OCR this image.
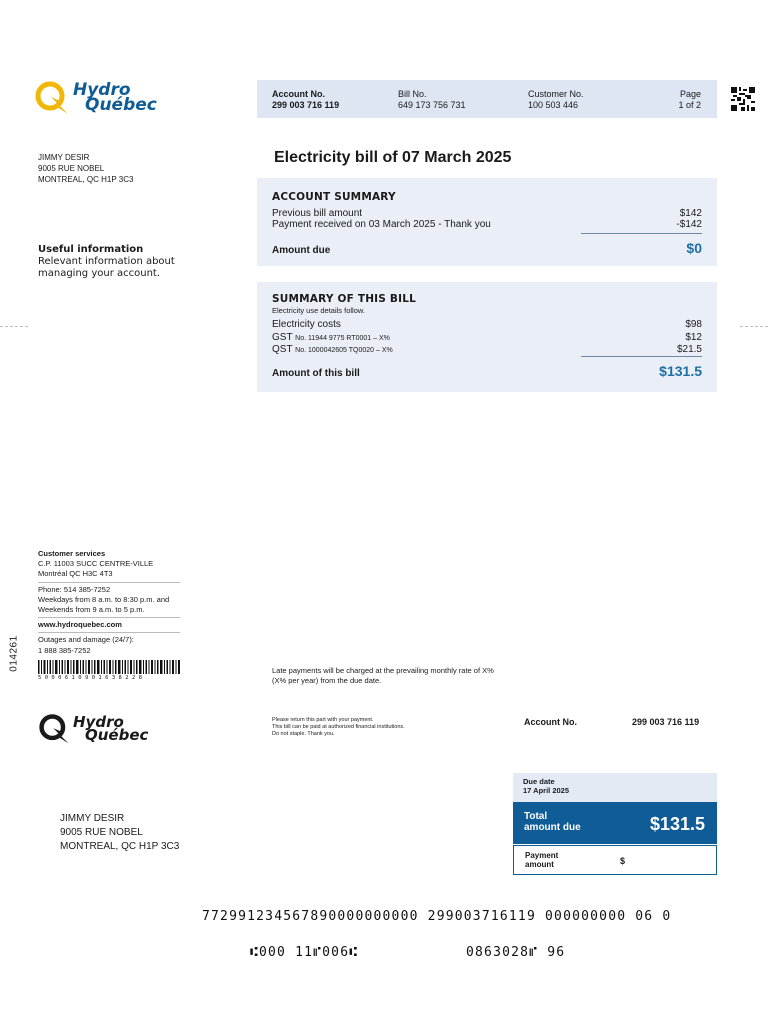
Hydro
Québec
Account No.
299 003 716 119
Bill No.
649 173 756 731
Customer No.
100 503 446
Page
1 of 2
JIMMY DESIR
9005 RUE NOBEL
MONTREAL, QC H1P 3C3
Electricity bill of 07 March 2025
ACCOUNT SUMMARY
Previous bill amount	$142
Payment received on 03 March 2025 - Thank you	-$142
Amount due	$0
Useful information
Relevant information about
managing your account.
SUMMARY OF THIS BILL
Electricity use details follow.
Electricity costs	$98
GST No. 11944 9775 RT0001 – X%	$12
QST No. 1000042605 TQ0020 – X%	$21.5
Amount of this bill	$131.5
Customer services
C.P. 11003 SUCC CENTRE-VILLE
Montréal QC H3C 4T3
Phone: 514 385-7252
Weekdays from 8 a.m. to 8:30 p.m. and
Weekends from 9 a.m. to 5 p.m.
www.hydroquebec.com
Outages and damage (24/7):
1 888 385-7252
014261
5000610901638228
Late payments will be charged at the prevailing monthly rate of X%
(X% per year) from the due date.
Hydro
Québec
Please return this part with your payment.
This bill can be paid at authorized financial institutions.
Do not staple. Thank you.
Account No.	299 003 716 119
JIMMY DESIR
9005 RUE NOBEL
MONTREAL, QC H1P 3C3
Due date
17 April 2025
Total
amount due	$131.5
Payment
amount	$
772991234567890000000000 299003716119 000000000 06 0
⑆000 11⑈006⑆	0863028⑈ 96
